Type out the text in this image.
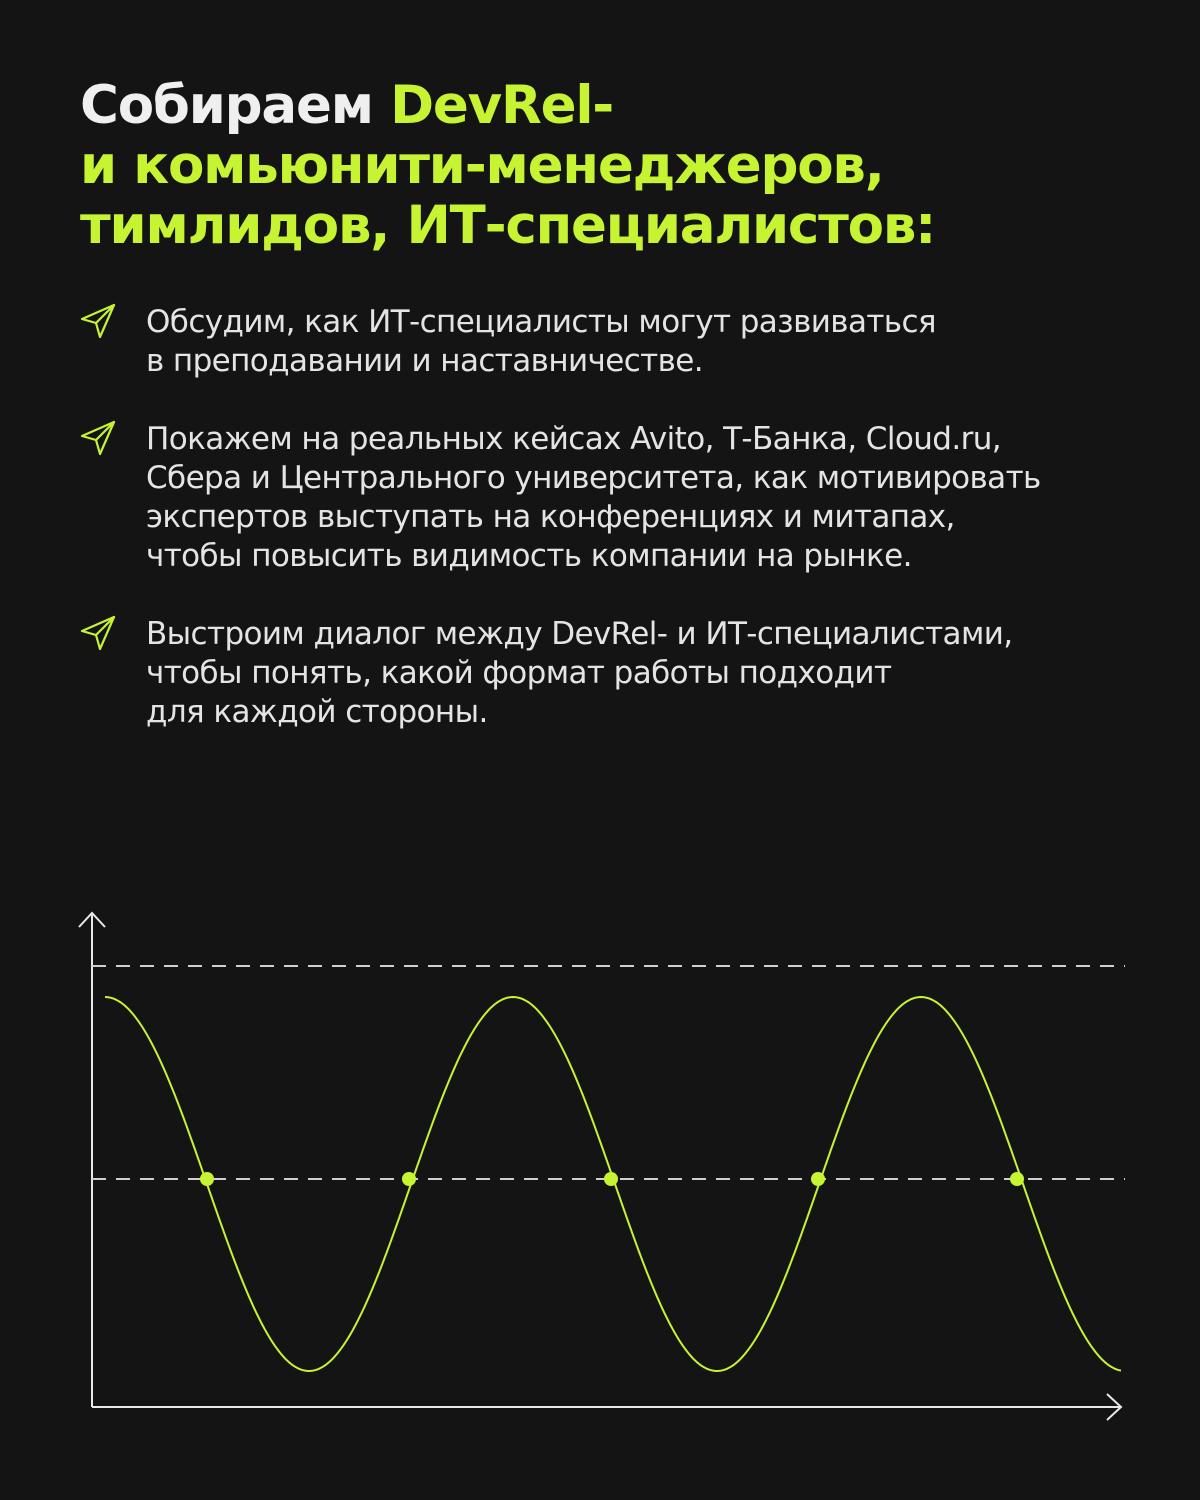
Собираем DevRel-
и комьюнити-менеджеров,
тимлидов, ИТ-специалистов:
Обсудим, как ИТ-специалисты могут развиваться
в преподавании и наставничестве.
Покажем на реальных кейсах Avito, Т-Банка, Cloud.ru,
Сбера и Центрального университета, как мотивировать
экспертов выступать на конференциях и митапах,
чтобы повысить видимость компании на рынке.
Выстроим диалог между DevRel- и ИТ-специалистами,
чтобы понять, какой формат работы подходит
для каждой стороны.
